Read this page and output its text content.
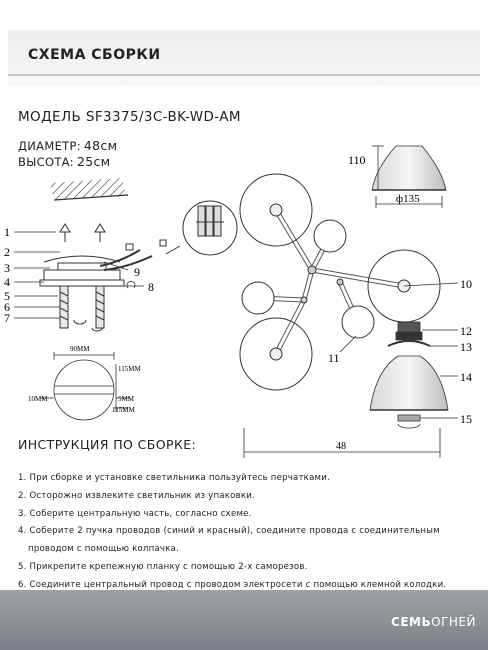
СХЕМА СБОРКИ
МОДЕЛЬ SF3375/3C-BK-WD-AM
ДИАМЕТР: 48см
ВЫСОТА: 25см
1
2
3
4
5
6
7
8
9
90ММ
115ММ
10ММ	5ММ
115ММ
110
ф135
10
11
12
13
14
15
48
ИНСТРУКЦИЯ ПО СБОРКЕ:
1. При сборке и установке светильника пользуйтесь перчатками.
2. Осторожно извлеките светильник из упаковки.
3. Соберите центральную часть, согласно схеме.
4. Соберите 2 пучка проводов (синий и красный), соедините провода с соединительным
проводом с помощью колпачка.
5. Прикрепите крепежную планку с помощью 2-х саморезов.
6. Соедините центральный провод с проводом электросети с помощью клемной колодки.
СЕМЬОГНЕЙ
